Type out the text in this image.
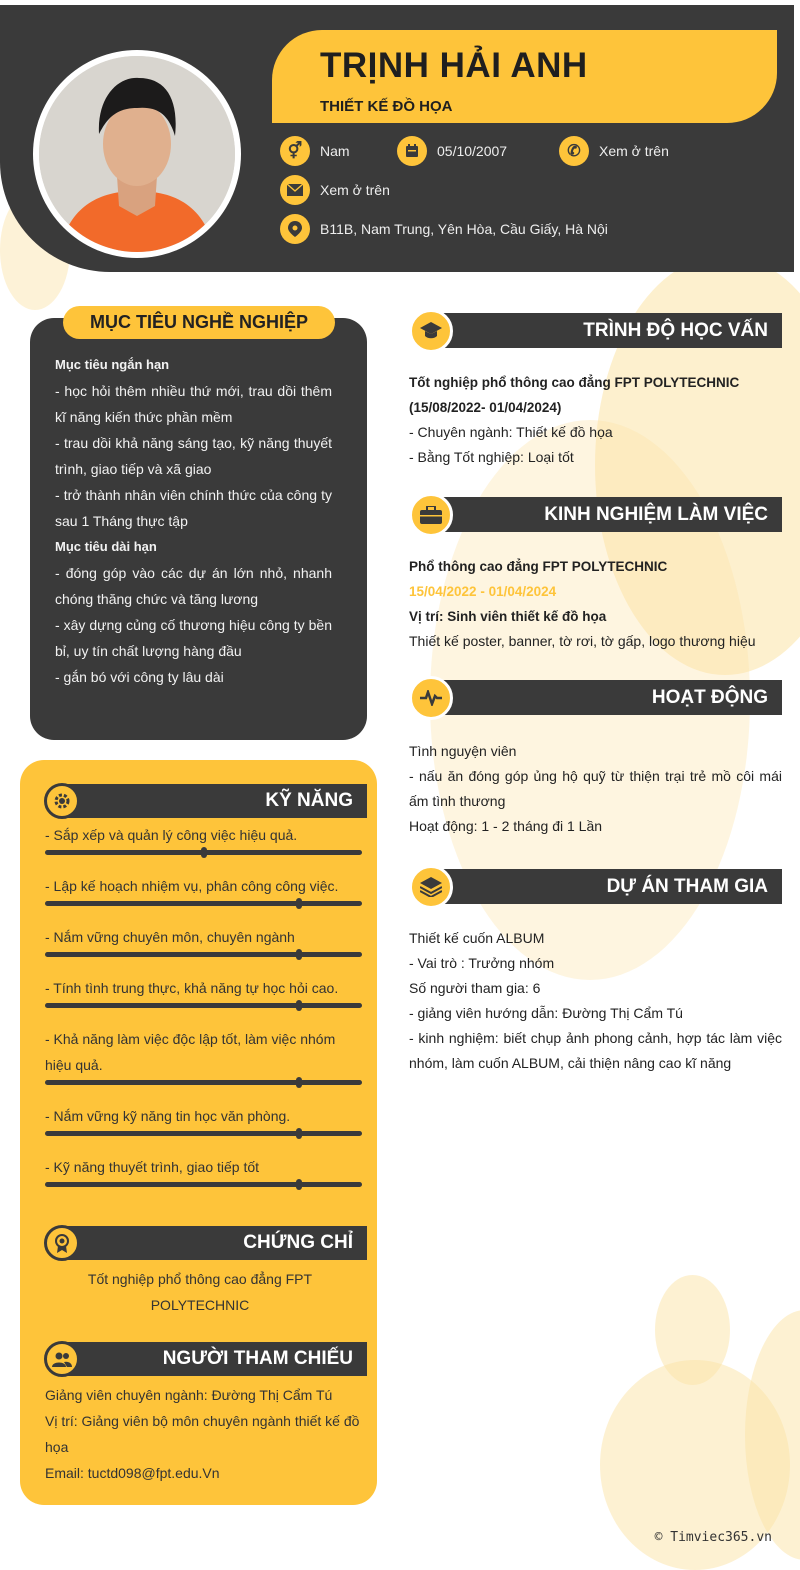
TRỊNH HẢI ANH
THIẾT KẾ ĐỒ HỌA
⚥	Nam	05/10/2007	✆	Xem ở trên
Xem ở trên
B11B, Nam Trung, Yên Hòa, Cầu Giấy, Hà Nội
MỤC TIÊU NGHỀ NGHIỆP
Mục tiêu ngắn hạn
- học hỏi thêm nhiều thứ mới, trau dồi thêm kĩ năng kiến thức phần mềm
- trau dồi khả năng sáng tạo, kỹ năng thuyết trình, giao tiếp và xã giao
- trở thành nhân viên chính thức của công ty sau 1 Tháng thực tập
Mục tiêu dài hạn
- đóng góp vào các dự án lớn nhỏ, nhanh chóng thăng chức và tăng lương
- xây dựng củng cố thương hiệu công ty bền bỉ, uy tín chất lượng hàng đầu
- gắn bó với công ty lâu dài
KỸ NĂNG
- Sắp xếp và quản lý công việc hiệu quả.
- Lập kế hoạch nhiệm vụ, phân công công việc.
- Nắm vững chuyên môn, chuyên ngành
- Tính tình trung thực, khả năng tự học hỏi cao.
- Khả năng làm việc độc lập tốt, làm việc nhóm hiệu quả.
- Nắm vững kỹ năng tin học văn phòng.
- Kỹ năng thuyết trình, giao tiếp tốt
CHỨNG CHỈ
Tốt nghiệp phổ thông cao đẳng FPT POLYTECHNIC
NGƯỜI THAM CHIẾU
Giảng viên chuyên ngành: Đường Thị Cẩm Tú
Vị trí: Giảng viên bộ môn chuyên ngành thiết kế đồ họa
Email: tuctd098@fpt.edu.Vn
TRÌNH ĐỘ HỌC VẤN
Tốt nghiệp phổ thông cao đẳng FPT POLYTECHNIC (15/08/2022- 01/04/2024)
- Chuyên ngành: Thiết kế đồ họa
- Bằng Tốt nghiệp: Loại tốt
KINH NGHIỆM LÀM VIỆC
Phổ thông cao đẳng FPT POLYTECHNIC
15/04/2022 - 01/04/2024
Vị trí: Sinh viên thiết kế đồ họa
Thiết kế poster, banner, tờ rơi, tờ gấp, logo thương hiệu
HOẠT ĐỘNG
Tình nguyện viên
- nấu ăn đóng góp ủng hộ quỹ từ thiện trại trẻ mồ côi mái ấm tình thương
Hoạt động: 1 - 2 tháng đi 1 Lần
DỰ ÁN THAM GIA
Thiết kế cuốn ALBUM
- Vai trò : Trưởng nhóm
Số người tham gia: 6
- giảng viên hướng dẫn: Đường Thị Cẩm Tú
- kinh nghiệm: biết chụp ảnh phong cảnh, hợp tác làm việc nhóm, làm cuốn ALBUM, cải thiện nâng cao kĩ năng
© Timviec365.vn
